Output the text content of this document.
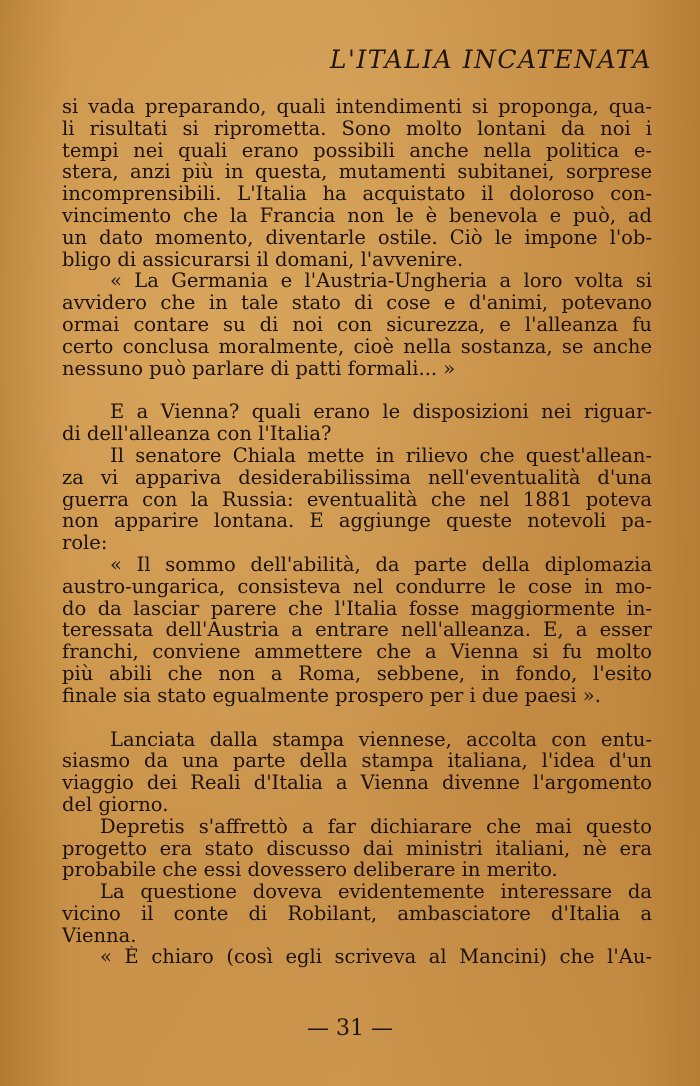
L'ITALIA INCATENATA
si vada preparando, quali intendimenti si proponga, qua-
li risultati si riprometta. Sono molto lontani da noi i
tempi nei quali erano possibili anche nella politica e-
stera, anzi più in questa, mutamenti subitanei, sorprese
incomprensibili. L'Italia ha acquistato il doloroso con-
vincimento che la Francia non le è benevola e può, ad
un dato momento, diventarle ostile. Ciò le impone l'ob-
bligo di assicurarsi il domani, l'avvenire.
« La Germania e l'Austria-Ungheria a loro volta si
avvidero che in tale stato di cose e d'animi, potevano
ormai contare su di noi con sicurezza, e l'alleanza fu
certo conclusa moralmente, cioè nella sostanza, se anche
nessuno può parlare di patti formali... »
E a Vienna? quali erano le disposizioni nei riguar-
di dell'alleanza con l'Italia?
Il senatore Chiala mette in rilievo che quest'allean-
za vi appariva desiderabilissima nell'eventualità d'una
guerra con la Russia: eventualità che nel 1881 poteva
non apparire lontana. E aggiunge queste notevoli pa-
role:
« Il sommo dell'abilità, da parte della diplomazia
austro-ungarica, consisteva nel condurre le cose in mo-
do da lasciar parere che l'Italia fosse maggiormente in-
teressata dell'Austria a entrare nell'alleanza. E, a esser
franchi, conviene ammettere che a Vienna si fu molto
più abili che non a Roma, sebbene, in fondo, l'esito
finale sia stato egualmente prospero per i due paesi ».
Lanciata dalla stampa viennese, accolta con entu-
siasmo da una parte della stampa italiana, l'idea d'un
viaggio dei Reali d'Italia a Vienna divenne l'argomento
del giorno.
Depretis s'affrettò a far dichiarare che mai questo
progetto era stato discusso dai ministri italiani, nè era
probabile che essi dovessero deliberare in merito.
La questione doveva evidentemente interessare da
vicino il conte di Robilant, ambasciatore d'Italia a
Vienna.
« È chiaro (così egli scriveva al Mancini) che l'Au-
— 31 —
